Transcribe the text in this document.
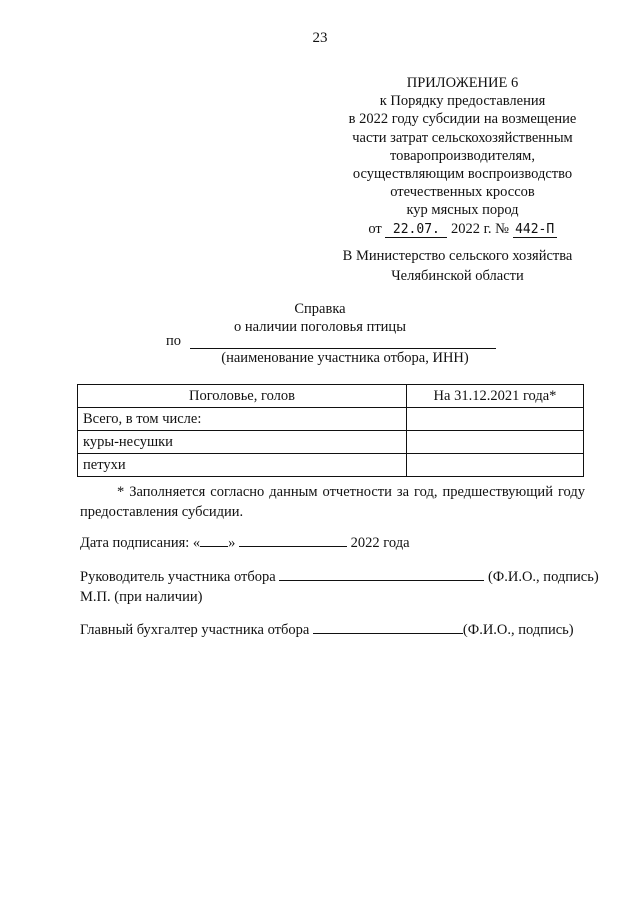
23
ПРИЛОЖЕНИЕ 6
к Порядку предоставления
в 2022 году субсидии на возмещение
части затрат сельскохозяйственным
товаропроизводителям,
осуществляющим воспроизводство
отечественных кроссов
кур мясных пород
от 22.07. 2022 г. № 442-П
В Министерство сельского хозяйства
Челябинской области
Справка
о наличии поголовья птицы
по
(наименование участника отбора, ИНН)
Поголовье, голов	На 31.12.2021 года*
Всего, в том числе:	
куры-несушки	
петухи	
* Заполняется согласно данным отчетности за год, предшествующий году предоставления субсидии.
Дата подписания: « »	2022 года
Руководитель участника отбора	(Ф.И.О., подпись)
М.П. (при наличии)
Главный бухгалтер участника отбора	(Ф.И.О., подпись)
